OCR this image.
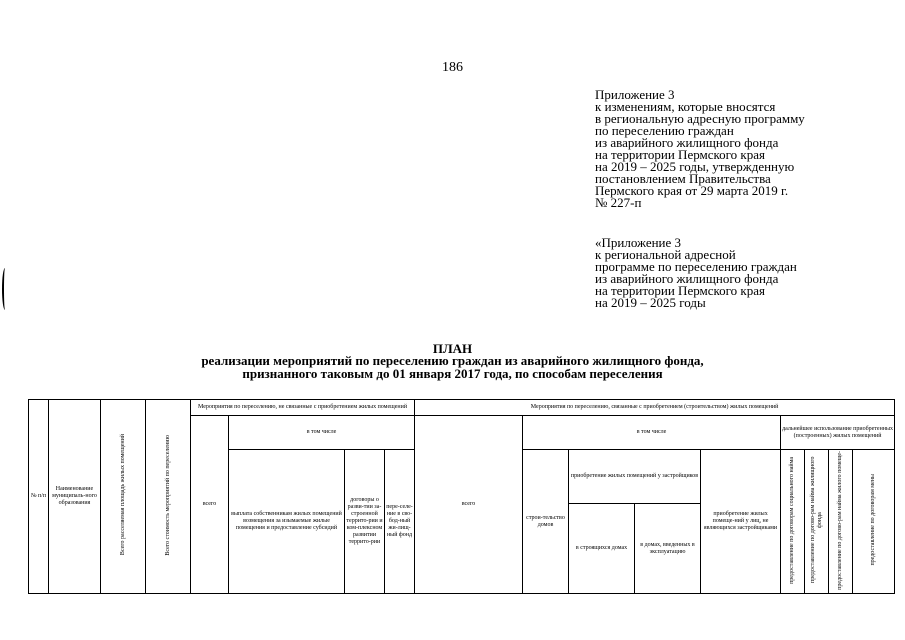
186
Приложение 3
к изменениям, которые вносятся
в региональную адресную программу
по переселению граждан
из аварийного жилищного фонда
на территории Пермского края
на 2019 – 2025 годы, утвержденную
постановлением Правительства
Пермского края от 29 марта 2019 г.
№ 227-п
«Приложение 3
к региональной адресной
программе по переселению граждан
из аварийного жилищного фонда
на территории Пермского края
на 2019 – 2025 годы
ПЛАН
реализации мероприятий по переселению граждан из аварийного жилищного фонда,
признанного таковым до 01 января 2017 года, по способам переселения
№ п/п	Наименование муниципаль-ного образования	Всего расселяемая площадь жилых помещений	Всего стоимость мероприятий по переселению	Мероприятия по переселению, не связанные с приобретением жилых помещений				Мероприятия по переселению, связанные с приобретением (строительством) жилых помещений								
				всего	в том числе			всего	в том числе				дальнейшее использование приобретенных (построенных) жилых помещений			
					выплата собственникам жилых помещений возмещения за изымаемые жилые помещения и предоставление субсидий	договоры о разви-тии за-строенной террито-рии и ком-плексном развитии террито-рии	пере-селе-ние в сво-бод-ный жи-лищ-ный фонд		строи-тельство домов	приобретение жилых помещений у застройщиков		приобретение жилых помеще-ний у лиц, не являющихся застройщиками	предоставление по договорам социального найма	предоставление по догово-рам найма жилищного фонда	предоставление по догово-рам найма жилого помеще-	предоставление по договорам мены
										в строящихся домах	в домах, введенных в эксплуатацию					
